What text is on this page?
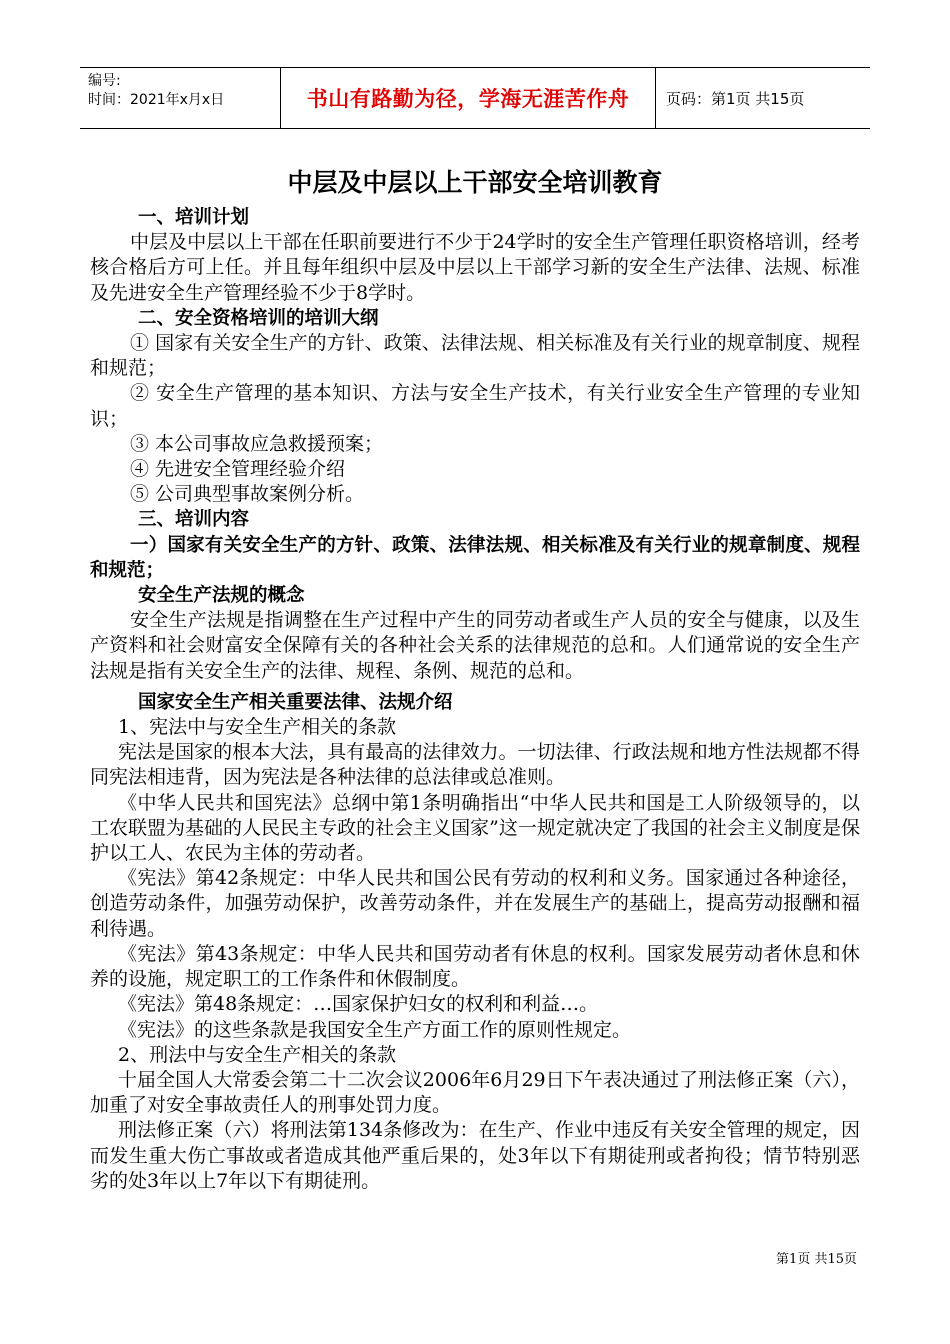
编号:
时间：2021年x月x日	书山有路勤为径，学海无涯苦作舟	页码：第1页 共15页
中层及中层以上干部安全培训教育

一、培训计划

中层及中层以上干部在任职前要进行不少于24学时的安全生产管理任职资格培训，经考核合格后方可上任。并且每年组织中层及中层以上干部学习新的安全生产法律、法规、标准及先进安全生产管理经验不少于8学时。

二、安全资格培训的培训大纲

① 国家有关安全生产的方针、政策、法律法规、相关标准及有关行业的规章制度、规程和规范；

② 安全生产管理的基本知识、方法与安全生产技术，有关行业安全生产管理的专业知识；

③ 本公司事故应急救援预案；

④ 先进安全管理经验介绍

⑤ 公司典型事故案例分析。

三、培训内容

一）国家有关安全生产的方针、政策、法律法规、相关标准及有关行业的规章制度、规程和规范；

安全生产法规的概念

安全生产法规是指调整在生产过程中产生的同劳动者或生产人员的安全与健康，以及生产资料和社会财富安全保障有关的各种社会关系的法律规范的总和。人们通常说的安全生产法规是指有关安全生产的法律、规程、条例、规范的总和。

国家安全生产相关重要法律、法规介绍

1、宪法中与安全生产相关的条款

宪法是国家的根本大法，具有最高的法律效力。一切法律、行政法规和地方性法规都不得同宪法相违背，因为宪法是各种法律的总法律或总准则。

《中华人民共和国宪法》总纲中第1条明确指出“中华人民共和国是工人阶级领导的，以工农联盟为基础的人民民主专政的社会主义国家”这一规定就决定了我国的社会主义制度是保护以工人、农民为主体的劳动者。

《宪法》第42条规定：中华人民共和国公民有劳动的权利和义务。国家通过各种途径，创造劳动条件，加强劳动保护，改善劳动条件，并在发展生产的基础上，提高劳动报酬和福利待遇。

《宪法》第43条规定：中华人民共和国劳动者有休息的权利。国家发展劳动者休息和休养的设施，规定职工的工作条件和休假制度。

《宪法》第48条规定：…国家保护妇女的权利和利益…。

《宪法》的这些条款是我国安全生产方面工作的原则性规定。

2、刑法中与安全生产相关的条款

十届全国人大常委会第二十二次会议2006年6月29日下午表决通过了刑法修正案（六），加重了对安全事故责任人的刑事处罚力度。

刑法修正案（六）将刑法第134条修改为：在生产、作业中违反有关安全管理的规定，因而发生重大伤亡事故或者造成其他严重后果的，处3年以下有期徒刑或者拘役；情节特别恶劣的处3年以上7年以下有期徒刑。

第1页 共15页
